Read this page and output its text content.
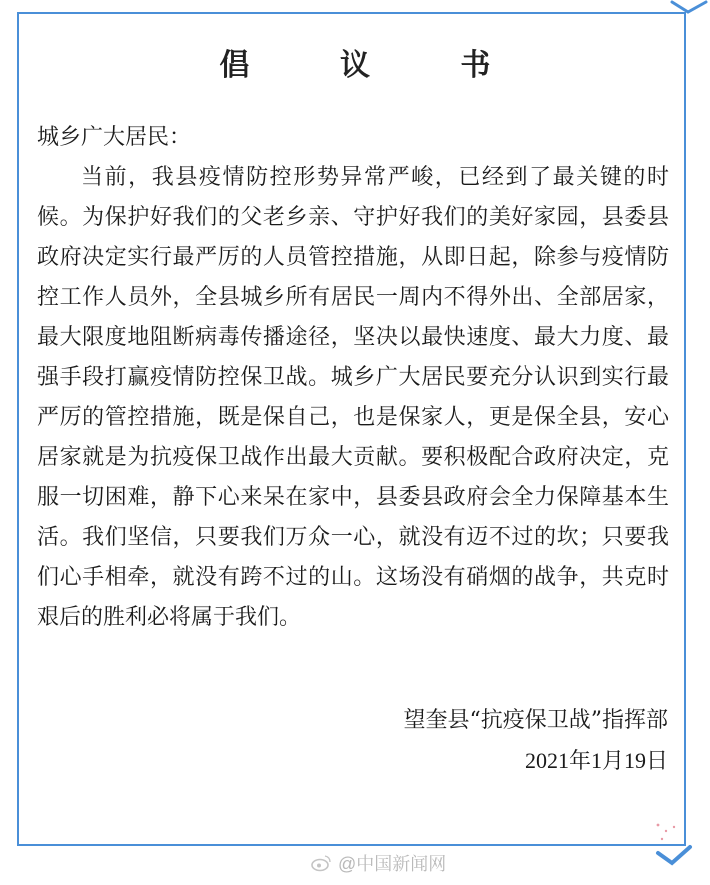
倡 议 书

城乡广大居民：

当前，我县疫情防控形势异常严峻，已经到了最关键的时候。为保护好我们的父老乡亲、守护好我们的美好家园，县委县政府决定实行最严厉的人员管控措施，从即日起，除参与疫情防控工作人员外，全县城乡所有居民一周内不得外出、全部居家，最大限度地阻断病毒传播途径，坚决以最快速度、最大力度、最强手段打赢疫情防控保卫战。城乡广大居民要充分认识到实行最严厉的管控措施，既是保自己，也是保家人，更是保全县，安心居家就是为抗疫保卫战作出最大贡献。要积极配合政府决定，克服一切困难，静下心来呆在家中，县委县政府会全力保障基本生活。我们坚信，只要我们万众一心，就没有迈不过的坎；只要我们心手相牵，就没有跨不过的山。这场没有硝烟的战争，共克时艰后的胜利必将属于我们。

望奎县“抗疫保卫战”指挥部
2021年1月19日
@中国新闻网
